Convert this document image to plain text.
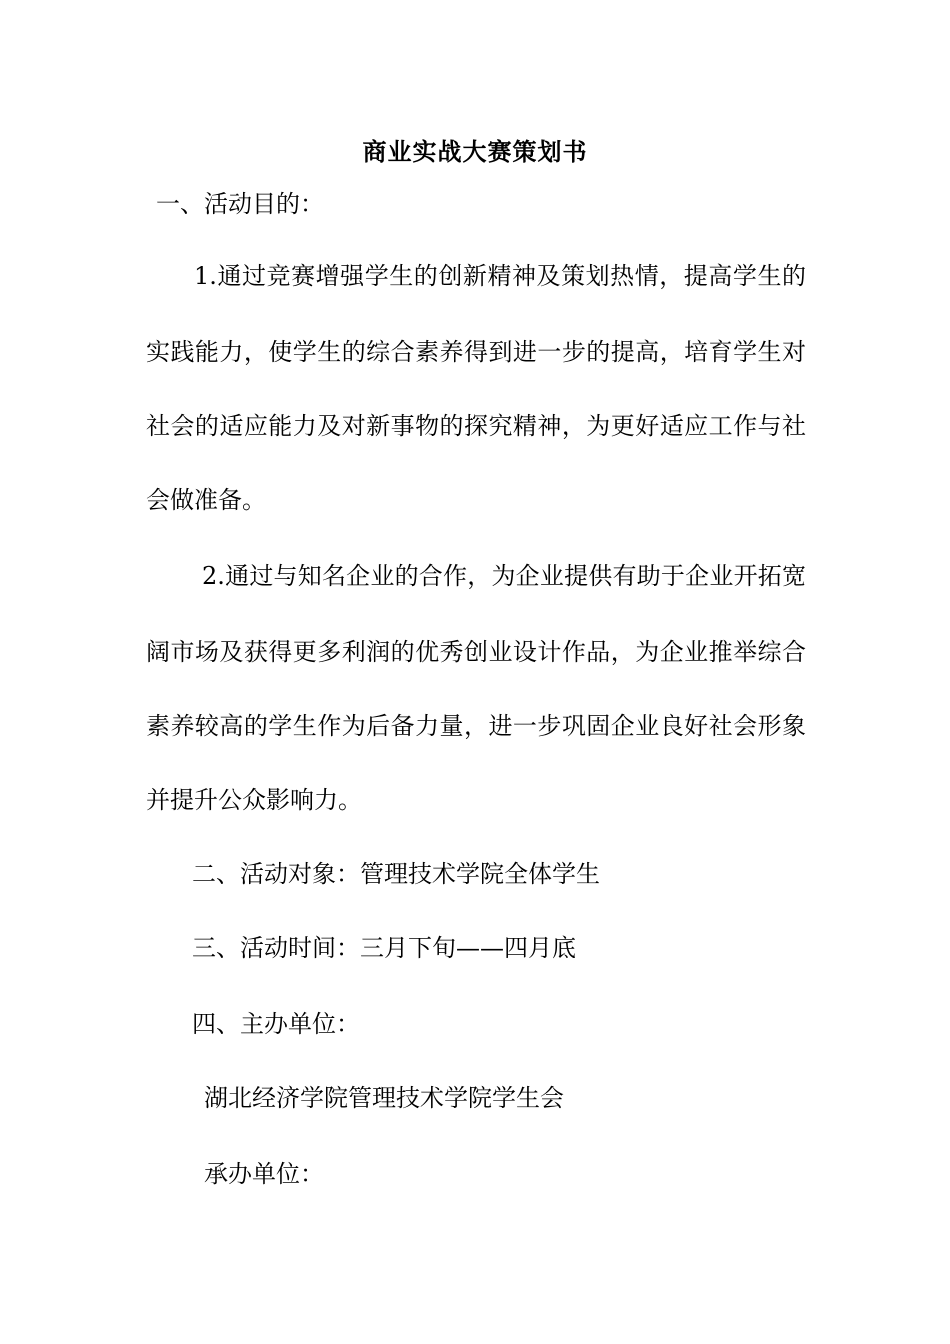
商业实战大赛策划书
一、活动目的：
1.通过竞赛增强学生的创新精神及策划热情，提高学生的
实践能力，使学生的综合素养得到进一步的提高，培育学生对
社会的适应能力及对新事物的探究精神，为更好适应工作与社
会做准备。
2.通过与知名企业的合作，为企业提供有助于企业开拓宽
阔市场及获得更多利润的优秀创业设计作品，为企业推举综合
素养较高的学生作为后备力量，进一步巩固企业良好社会形象
并提升公众影响力。
二、活动对象：管理技术学院全体学生
三、活动时间：三月下旬——四月底
四、主办单位：
湖北经济学院管理技术学院学生会
承办单位：
